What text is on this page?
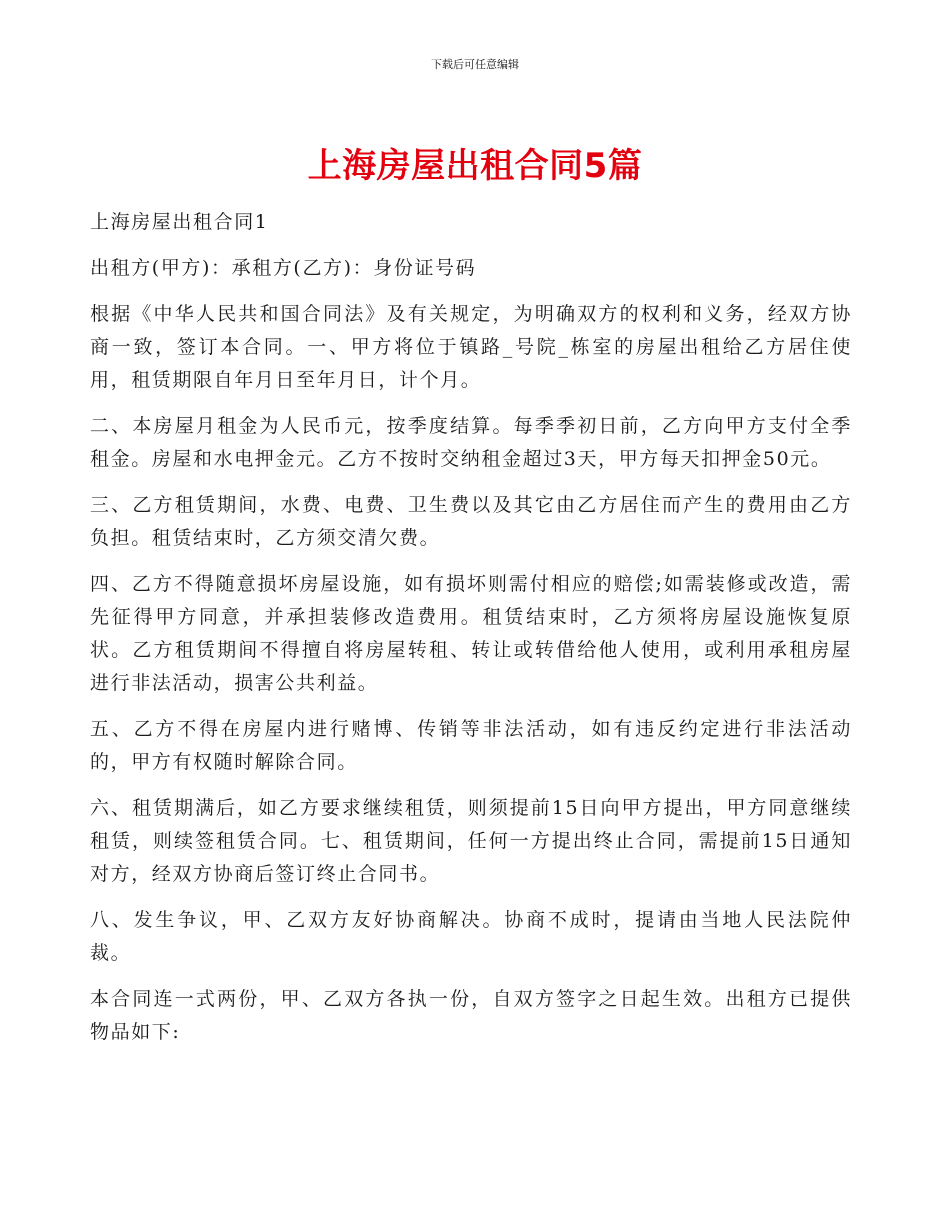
下载后可任意编辑
上海房屋出租合同5篇

上海房屋出租合同1

出租方(甲方)：承租方(乙方)：身份证号码

根据《中华人民共和国合同法》及有关规定，为明确双方的权利和义务，经双方协商一致，签订本合同。一、甲方将位于镇路_号院_栋室的房屋出租给乙方居住使用，租赁期限自年月日至年月日，计个月。

二、本房屋月租金为人民币元，按季度结算。每季季初日前，乙方向甲方支付全季租金。房屋和水电押金元。乙方不按时交纳租金超过3天，甲方每天扣押金50元。

三、乙方租赁期间，水费、电费、卫生费以及其它由乙方居住而产生的费用由乙方负担。租赁结束时，乙方须交清欠费。

四、乙方不得随意损坏房屋设施，如有损坏则需付相应的赔偿;如需装修或改造，需先征得甲方同意，并承担装修改造费用。租赁结束时，乙方须将房屋设施恢复原状。乙方租赁期间不得擅自将房屋转租、转让或转借给他人使用，或利用承租房屋进行非法活动，损害公共利益。

五、乙方不得在房屋内进行赌博、传销等非法活动，如有违反约定进行非法活动的，甲方有权随时解除合同。

六、租赁期满后，如乙方要求继续租赁，则须提前15日向甲方提出，甲方同意继续租赁，则续签租赁合同。七、租赁期间，任何一方提出终止合同，需提前15日通知对方，经双方协商后签订终止合同书。

八、发生争议，甲、乙双方友好协商解决。协商不成时，提请由当地人民法院仲裁。

本合同连一式两份，甲、乙双方各执一份，自双方签字之日起生效。出租方已提供物品如下:
